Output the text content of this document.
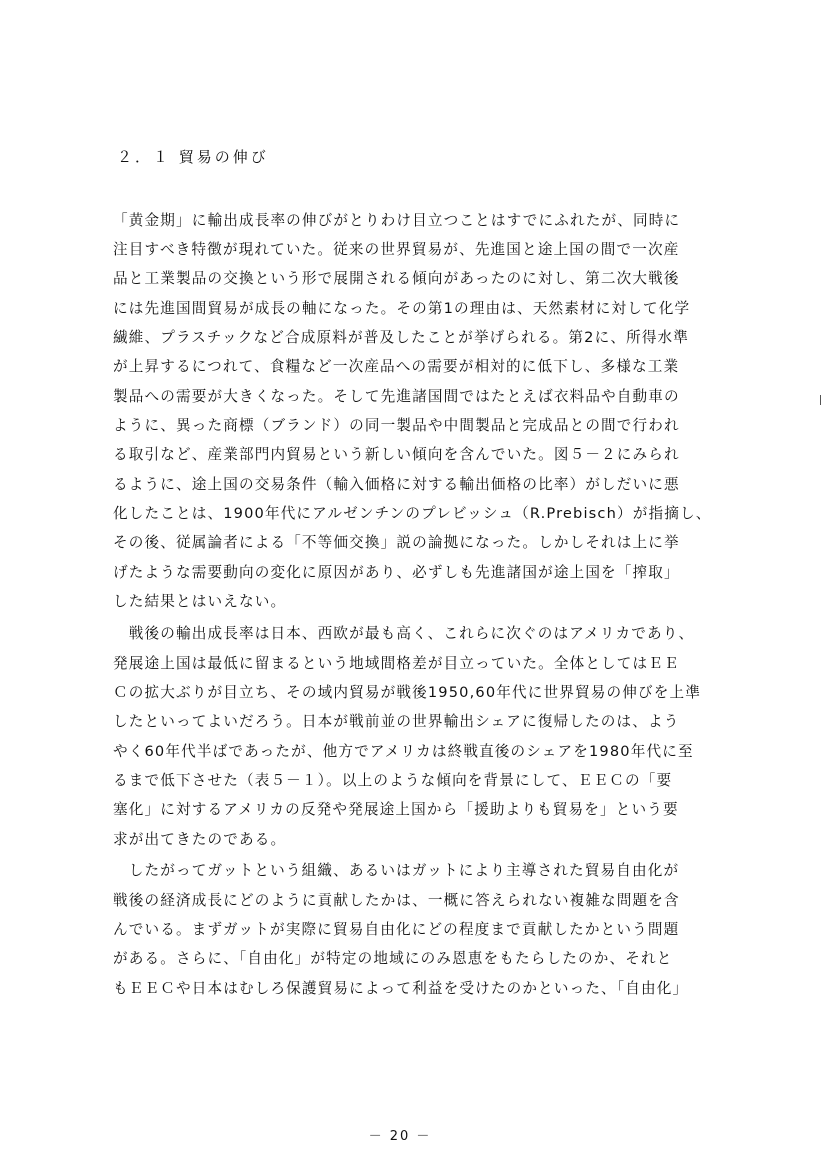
２．１ 貿易の伸び
「黄金期」に輸出成長率の伸びがとりわけ目立つことはすでにふれたが、同時に
注目すべき特徴が現れていた。従来の世界貿易が、先進国と途上国の間で一次産
品と工業製品の交換という形で展開される傾向があったのに対し、第二次大戦後
には先進国間貿易が成長の軸になった。その第1の理由は、天然素材に対して化学
繊維、プラスチックなど合成原料が普及したことが挙げられる。第2に、所得水準
が上昇するにつれて、食糧など一次産品への需要が相対的に低下し、多様な工業
製品への需要が大きくなった。そして先進諸国間ではたとえば衣料品や自動車の
ように、異った商標（ブランド）の同一製品や中間製品と完成品との間で行われ
る取引など、産業部門内貿易という新しい傾向を含んでいた。図５－２にみられ
るように、途上国の交易条件（輸入価格に対する輸出価格の比率）がしだいに悪
化したことは、1900年代にアルゼンチンのプレビッシュ（R.Prebisch）が指摘し、
その後、従属論者による「不等価交換」説の論拠になった。しかしそれは上に挙
げたような需要動向の変化に原因があり、必ずしも先進諸国が途上国を「搾取」
した結果とはいえない。
　戦後の輸出成長率は日本、西欧が最も高く、これらに次ぐのはアメリカであり、
発展途上国は最低に留まるという地域間格差が目立っていた。全体としてはＥＥ
Ｃの拡大ぶりが目立ち、その域内貿易が戦後1950,60年代に世界貿易の伸びを上凖
したといってよいだろう。日本が戦前並の世界輸出シェアに復帰したのは、よう
やく60年代半ばであったが、他方でアメリカは終戦直後のシェアを1980年代に至
るまで低下させた（表５－１）。以上のような傾向を背景にして、ＥＥＣの「要
塞化」に対するアメリカの反発や発展途上国から「援助よりも貿易を」という要
求が出てきたのである。
　したがってガットという組織、あるいはガットにより主導された貿易自由化が
戦後の経済成長にどのように貢献したかは、一概に答えられない複雑な問題を含
んでいる。まずガットが実際に貿易自由化にどの程度まで貢献したかという問題
がある。さらに、「自由化」が特定の地域にのみ恩恵をもたらしたのか、それと
もＥＥＣや日本はむしろ保護貿易によって利益を受けたのかといった、「自由化」
－ 20 －
